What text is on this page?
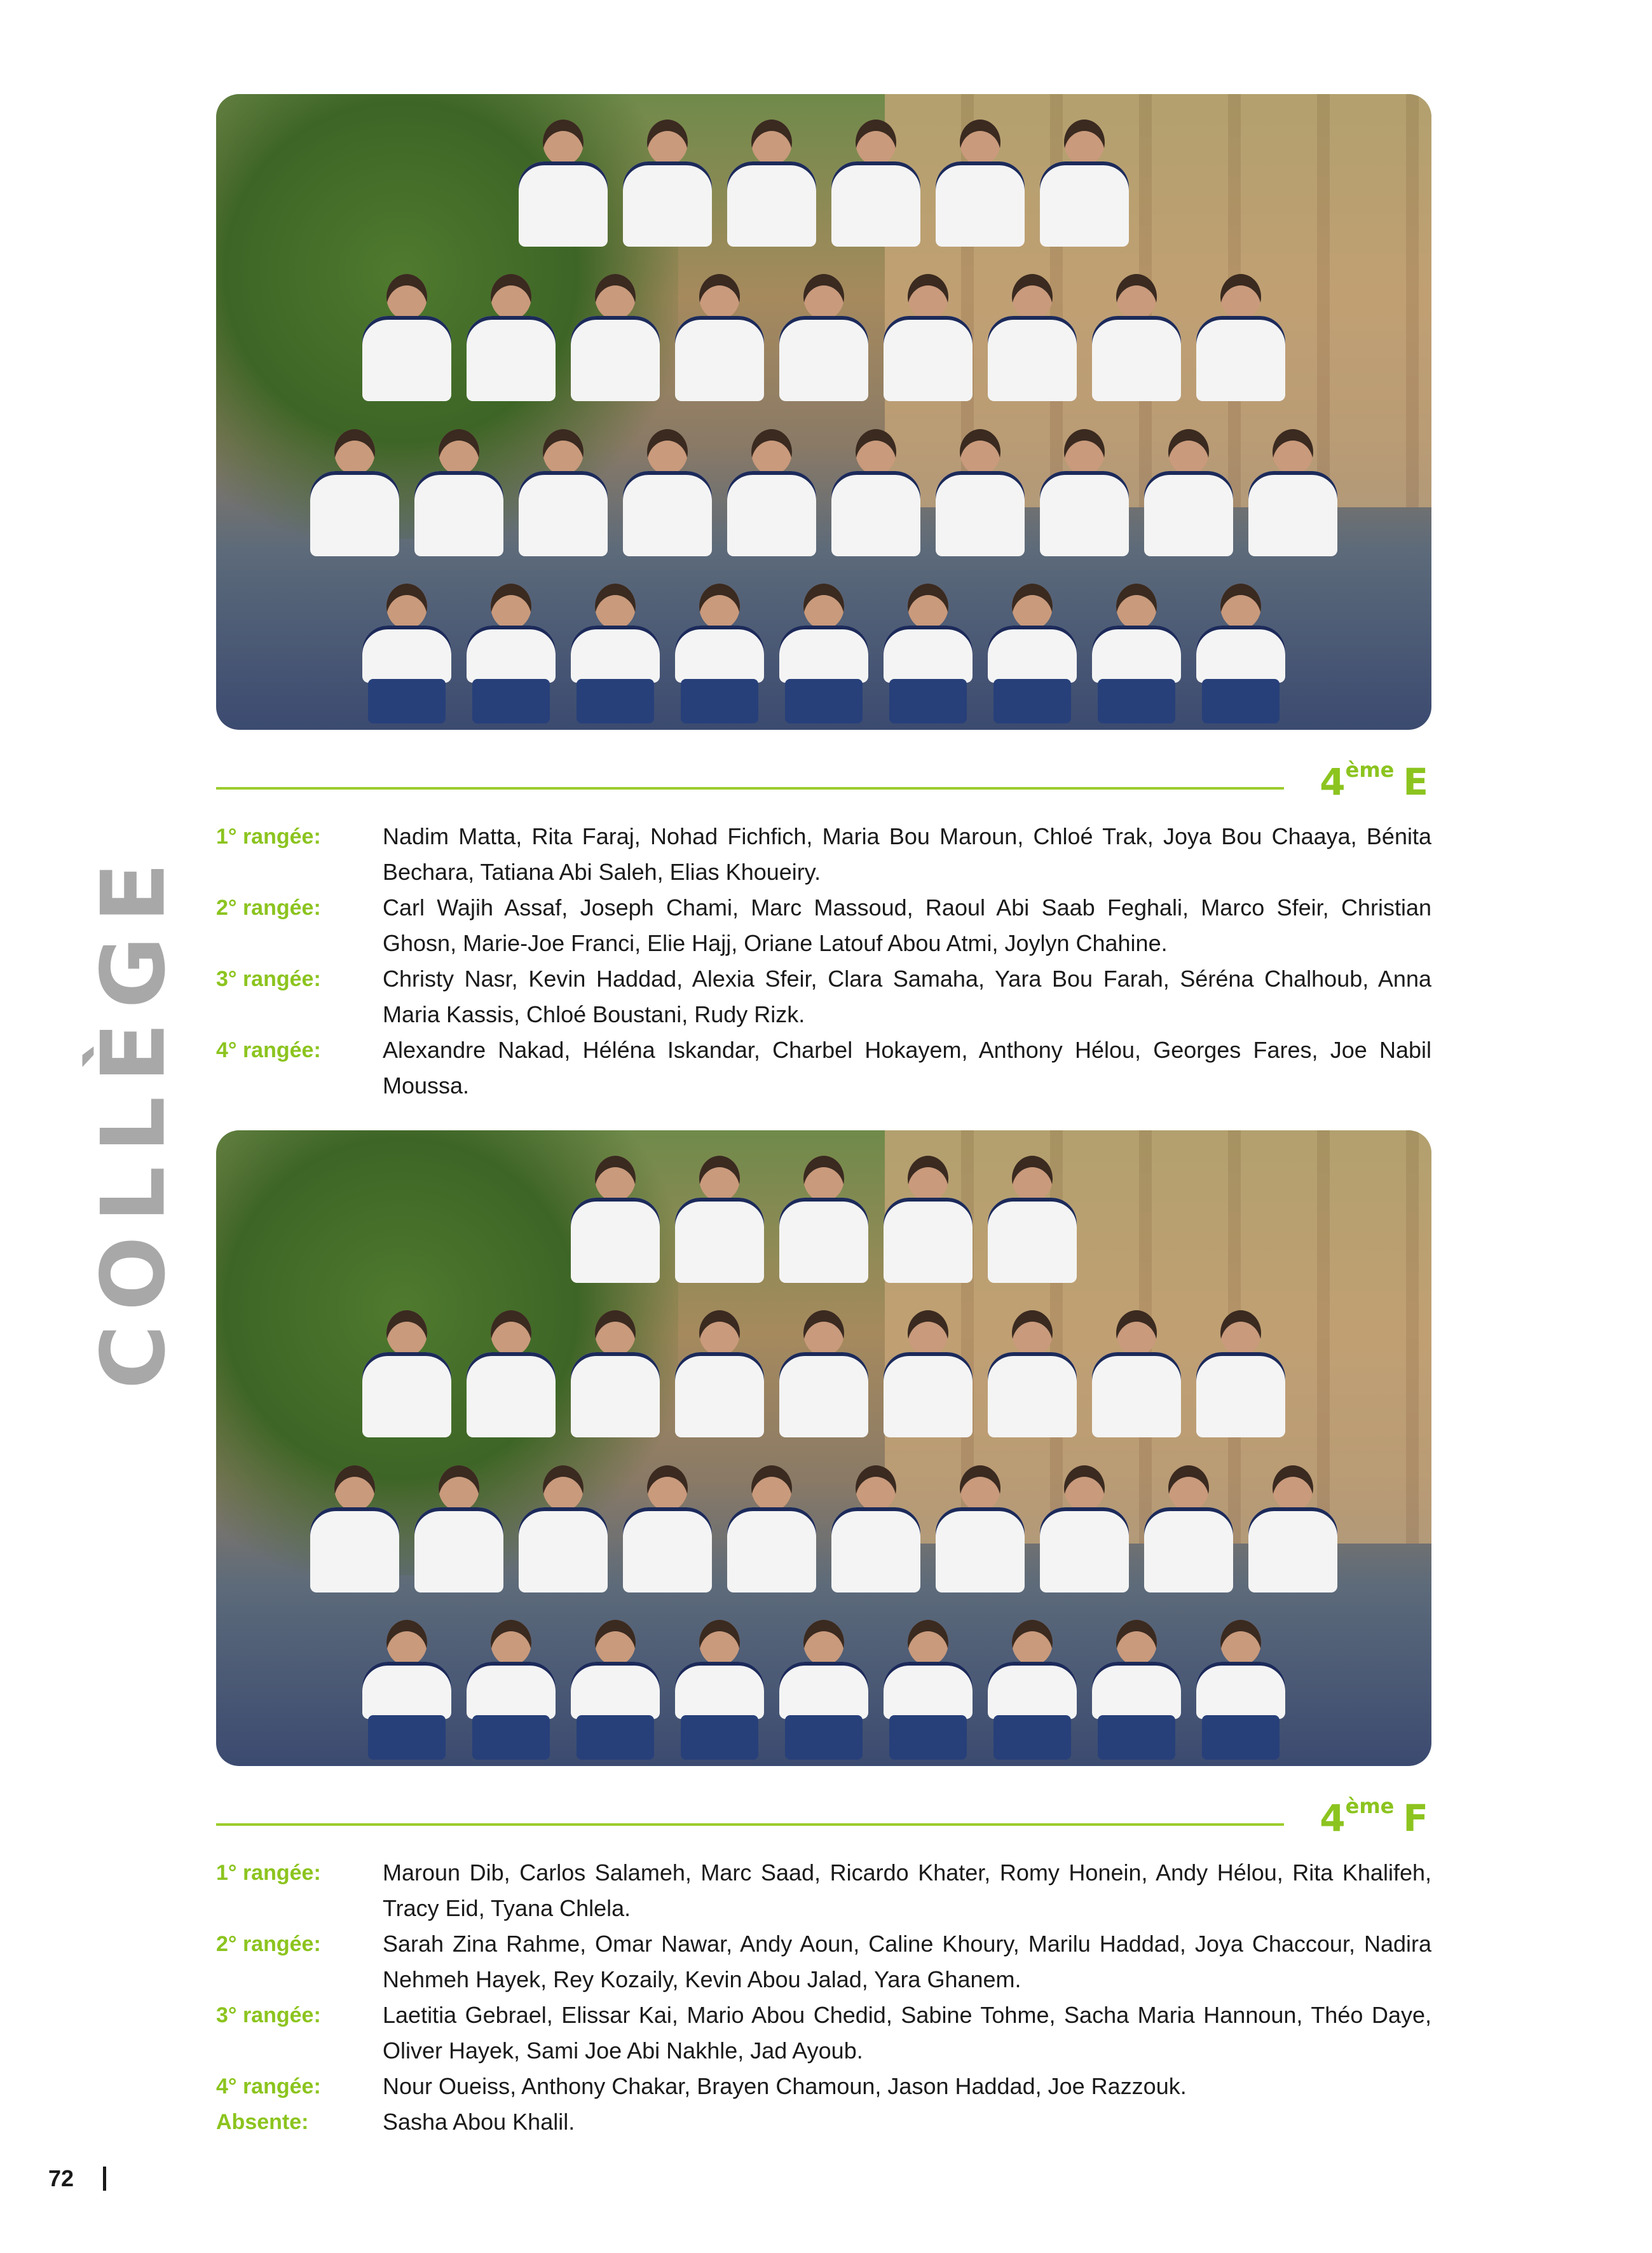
COLLÈGE
4ème E
1° rangée:	Nadim Matta, Rita Faraj, Nohad Fichfich, Maria Bou Maroun, Chloé Trak, Joya Bou Chaaya, Bénita Bechara, Tatiana Abi Saleh, Elias Khoueiry.
2° rangée:	Carl Wajih Assaf, Joseph Chami, Marc Massoud, Raoul Abi Saab Feghali, Marco Sfeir, Christian Ghosn, Marie-Joe Franci, Elie Hajj, Oriane Latouf Abou Atmi, Joylyn Chahine.
3° rangée:	Christy Nasr, Kevin Haddad, Alexia Sfeir, Clara Samaha, Yara Bou Farah, Séréna Chalhoub, Anna Maria Kassis, Chloé Boustani, Rudy Rizk.
4° rangée:	Alexandre Nakad, Héléna Iskandar, Charbel Hokayem, Anthony Hélou, Georges Fares, Joe Nabil Moussa.
4ème F
1° rangée:	Maroun Dib, Carlos Salameh, Marc Saad, Ricardo Khater, Romy Honein, Andy Hélou, Rita Khalifeh, Tracy Eid, Tyana Chlela.
2° rangée:	Sarah Zina Rahme, Omar Nawar, Andy Aoun, Caline Khoury, Marilu Haddad, Joya Chaccour, Nadira Nehmeh Hayek, Rey Kozaily, Kevin Abou Jalad, Yara Ghanem.
3° rangée:	Laetitia Gebrael, Elissar Kai, Mario Abou Chedid, Sabine Tohme, Sacha Maria Hannoun, Théo Daye, Oliver Hayek, Sami Joe Abi Nakhle, Jad Ayoub.
4° rangée:	Nour Oueiss, Anthony Chakar, Brayen Chamoun, Jason Haddad, Joe Razzouk.
Absente:	Sasha Abou Khalil.
72
